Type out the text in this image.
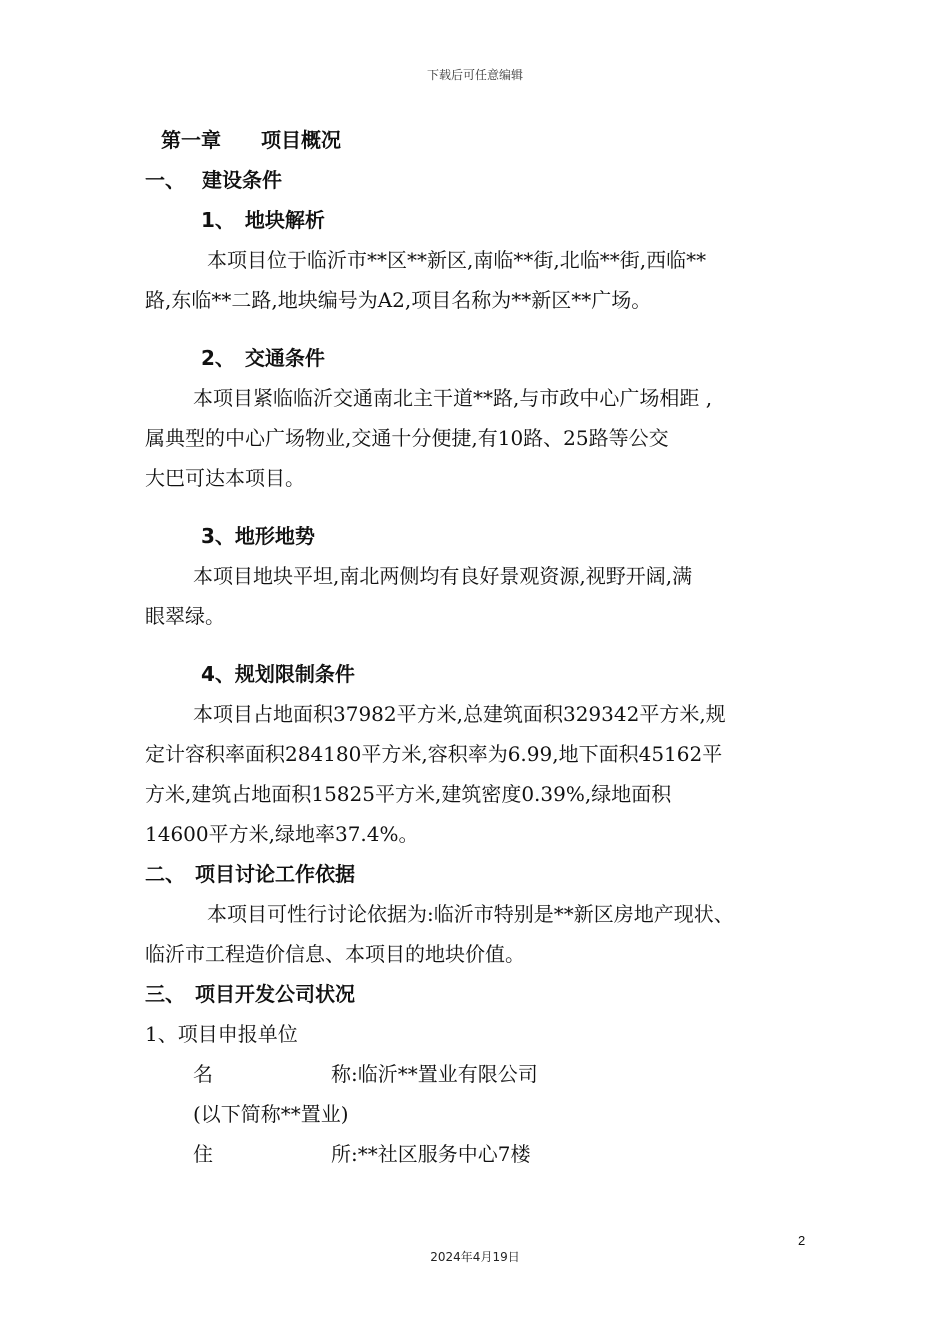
下载后可任意编辑
第一章　　项目概况
一、　 建设条件
1、　地块解析
本项目位于临沂市**区**新区,南临**街,北临**街,西临**
路,东临**二路,地块编号为A2,项目名称为**新区**广场。
2、　交通条件
本项目紧临临沂交通南北主干道**路,与市政中心广场相距 ,
属典型的中心广场物业,交通十分便捷,有10路、25路等公交
大巴可达本项目。
3、地形地势
本项目地块平坦,南北两侧均有良好景观资源,视野开阔,满
眼翠绿。
4、规划限制条件
本项目占地面积37982平方米,总建筑面积329342平方米,规
定计容积率面积284180平方米,容积率为6.99,地下面积45162平
方米,建筑占地面积15825平方米,建筑密度0.39%,绿地面积
14600平方米,绿地率37.4%。
二、　项目讨论工作依据
本项目可性行讨论依据为:临沂市特别是**新区房地产现状、
临沂市工程造价信息、本项目的地块价值。
三、　项目开发公司状况
1、项目申报单位
名	称:临沂**置业有限公司
(以下简称**置业)
住	所:**社区服务中心7楼
2
2024年4月19日
